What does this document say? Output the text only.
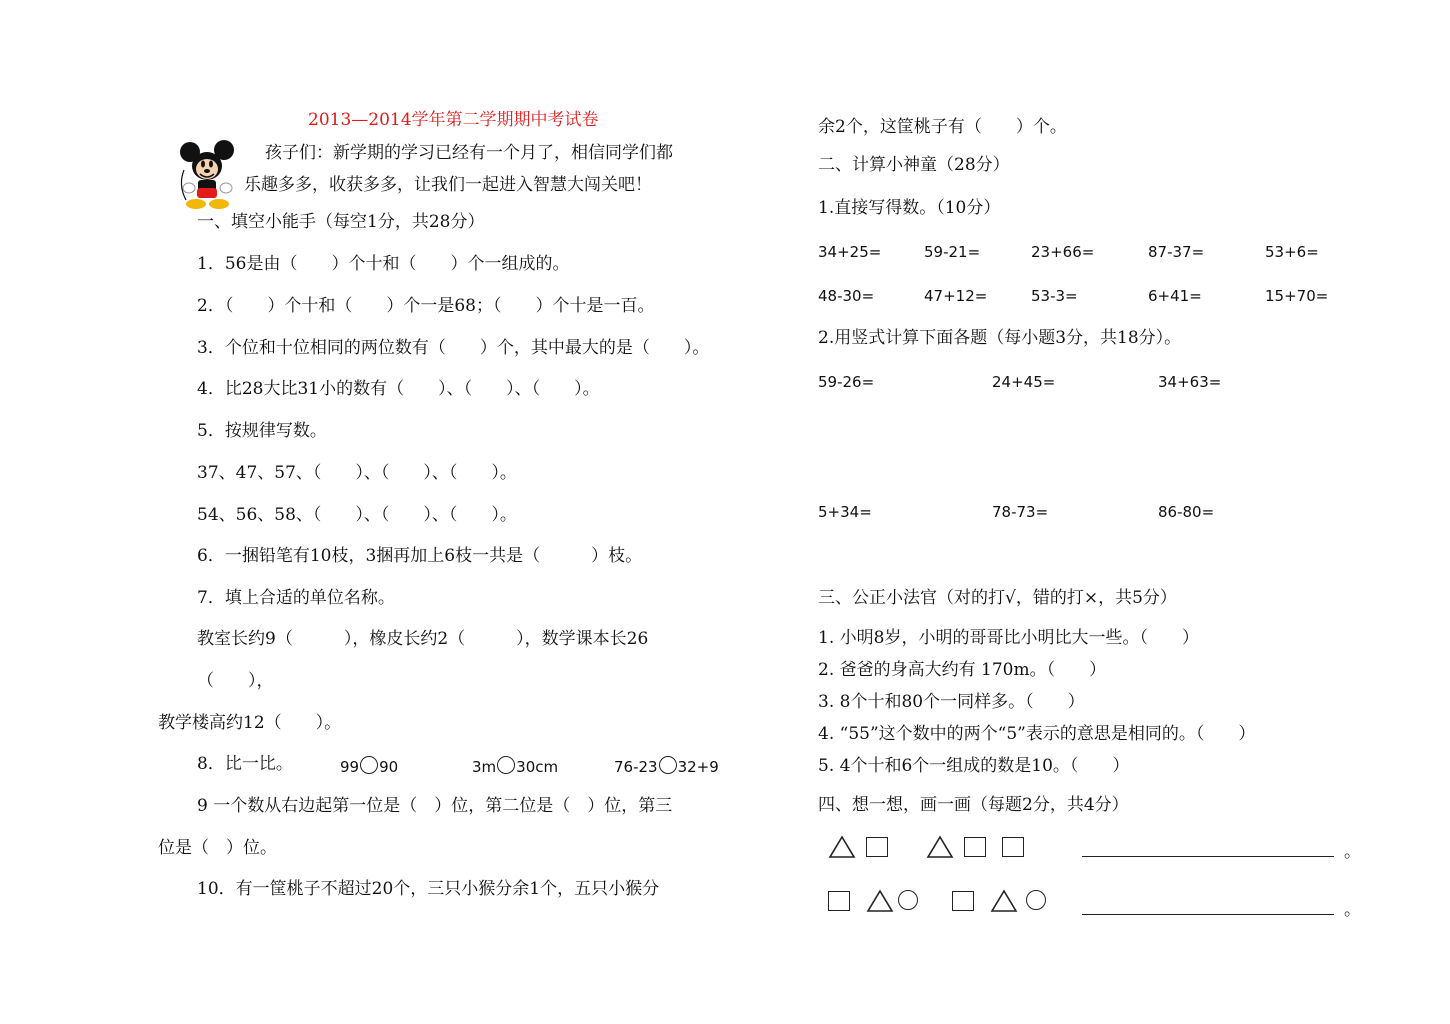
2013—2014学年第二学期期中考试卷
孩子们：新学期的学习已经有一个月了，相信同学们都
乐趣多多，收获多多，让我们一起进入智慧大闯关吧！
一、填空小能手（每空1分，共28分）
1．56是由（　　）个十和（　　）个一组成的。
2．（　　）个十和（　　）个一是68；（　　）个十是一百。
3．个位和十位相同的两位数有（　　）个，其中最大的是（　　）。
4．比28大比31小的数有（　　）、（　　）、（　　）。
5．按规律写数。
37、47、57、（　　）、（　　）、（　　）。
54、56、58、（　　）、（　　）、（　　）。
6．一捆铅笔有10枝，3捆再加上6枝一共是（　　　）枝。
7．填上合适的单位名称。
教室长约9（　　　），橡皮长约2（　　　），数学课本长26
（　　），
教学楼高约12（　　）。
8．比一比。	99 90	3m 30cm	76-23 32+9
9 一个数从右边起第一位是（　）位，第二位是（　）位，第三
位是（　）位。
10．有一筐桃子不超过20个，三只小猴分余1个，五只小猴分
余2个，这筐桃子有（　　）个。
二、计算小神童（28分）
1.直接写得数。（10分）
34+25=	59-21=	23+66=	87-37=	53+6=
48-30=	47+12=	53-3=	6+41=	15+70=
2.用竖式计算下面各题（每小题3分，共18分）。
59-26=	24+45=	34+63=
5+34=	78-73=	86-80=
三、公正小法官（对的打√，错的打×，共5分）
1. 小明8岁，小明的哥哥比小明比大一些。（　　）
2. 爸爸的身高大约有 170m。（　　）
3. 8个十和80个一同样多。（　　）
4. “55”这个数中的两个“5”表示的意思是相同的。（　　）
5. 4个十和6个一组成的数是10。（　　）
四、想一想，画一画（每题2分，共4分）
。
。
